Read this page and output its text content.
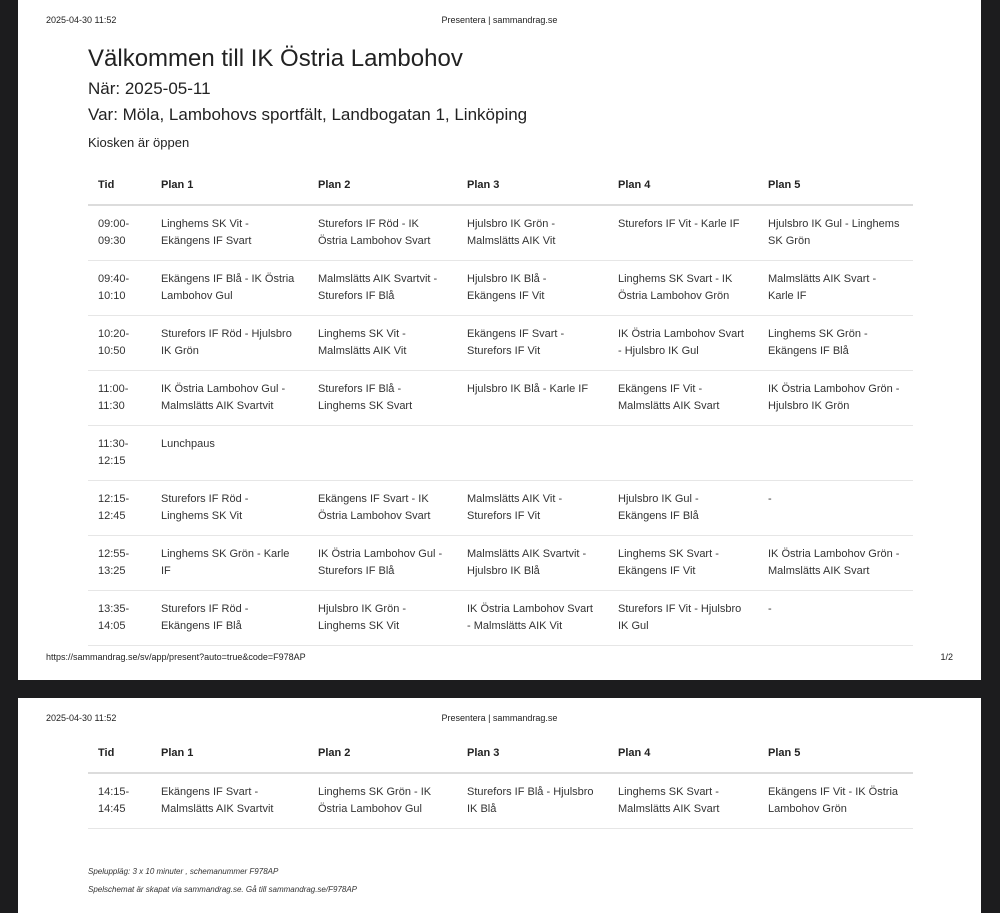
2025-04-30 11:52	Presentera | sammandrag.se
Välkommen till IK Östria Lambohov
När: 2025-05-11
Var: Möla, Lambohovs sportfält, Landbogatan 1, Linköping
Kiosken är öppen
Tid	Plan 1	Plan 2	Plan 3	Plan 4	Plan 5
09:00-09:30	Linghems SK Vit - Ekängens IF Svart	Sturefors IF Röd - IK Östria Lambohov Svart	Hjulsbro IK Grön - Malmslätts AIK Vit	Sturefors IF Vit - Karle IF	Hjulsbro IK Gul - Linghems SK Grön
09:40-10:10	Ekängens IF Blå - IK Östria Lambohov Gul	Malmslätts AIK Svartvit - Sturefors IF Blå	Hjulsbro IK Blå - Ekängens IF Vit	Linghems SK Svart - IK Östria Lambohov Grön	Malmslätts AIK Svart - Karle IF
10:20-10:50	Sturefors IF Röd - Hjulsbro IK Grön	Linghems SK Vit - Malmslätts AIK Vit	Ekängens IF Svart - Sturefors IF Vit	IK Östria Lambohov Svart - Hjulsbro IK Gul	Linghems SK Grön - Ekängens IF Blå
11:00-11:30	IK Östria Lambohov Gul - Malmslätts AIK Svartvit	Sturefors IF Blå - Linghems SK Svart	Hjulsbro IK Blå - Karle IF	Ekängens IF Vit - Malmslätts AIK Svart	IK Östria Lambohov Grön - Hjulsbro IK Grön
11:30-12:15	Lunchpaus				
12:15-12:45	Sturefors IF Röd - Linghems SK Vit	Ekängens IF Svart - IK Östria Lambohov Svart	Malmslätts AIK Vit - Sturefors IF Vit	Hjulsbro IK Gul - Ekängens IF Blå	-
12:55-13:25	Linghems SK Grön - Karle IF	IK Östria Lambohov Gul - Sturefors IF Blå	Malmslätts AIK Svartvit - Hjulsbro IK Blå	Linghems SK Svart - Ekängens IF Vit	IK Östria Lambohov Grön - Malmslätts AIK Svart
13:35-14:05	Sturefors IF Röd - Ekängens IF Blå	Hjulsbro IK Grön - Linghems SK Vit	IK Östria Lambohov Svart - Malmslätts AIK Vit	Sturefors IF Vit - Hjulsbro IK Gul	-
https://sammandrag.se/sv/app/present?auto=true&code=F978AP	1/2
2025-04-30 11:52	Presentera | sammandrag.se
Tid	Plan 1	Plan 2	Plan 3	Plan 4	Plan 5
14:15-14:45	Ekängens IF Svart - Malmslätts AIK Svartvit	Linghems SK Grön - IK Östria Lambohov Gul	Sturefors IF Blå - Hjulsbro IK Blå	Linghems SK Svart - Malmslätts AIK Svart	Ekängens IF Vit - IK Östria Lambohov Grön
Speluppläg: 3 x 10 minuter , schemanummer F978AP
Spelschemat är skapat via sammandrag.se. Gå till sammandrag.se/F978AP
